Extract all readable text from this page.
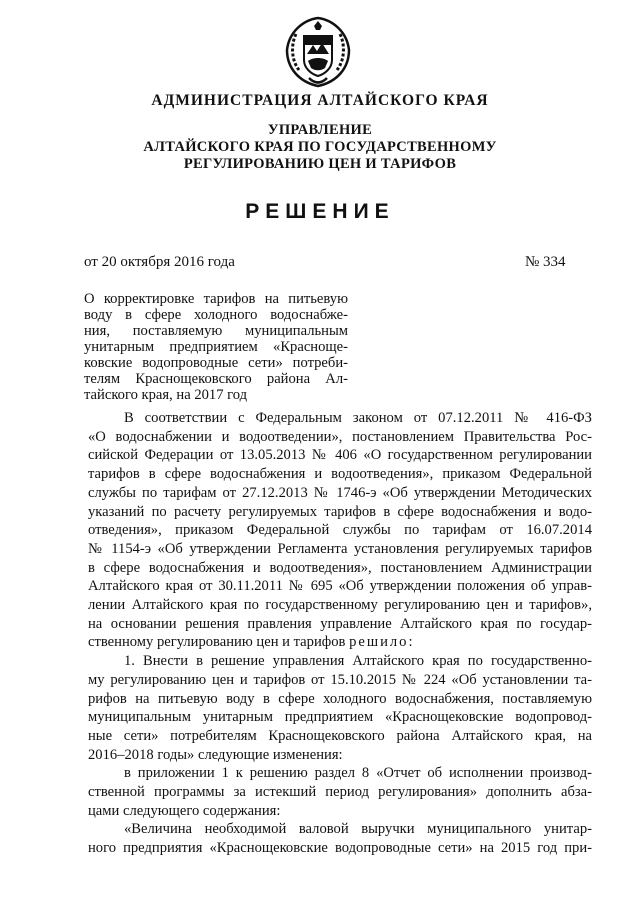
АДМИНИСТРАЦИЯ АЛТАЙСКОГО КРАЯ
УПРАВЛЕНИЕ
АЛТАЙСКОГО КРАЯ ПО ГОСУДАРСТВЕННОМУ
РЕГУЛИРОВАНИЮ ЦЕН И ТАРИФОВ
РЕШЕНИЕ
от 20 октября 2016 года	№ 334
О корректировке тарифов на питьевую
воду в сфере холодного водоснабже-
ния, поставляемую муниципальным
унитарным предприятием «Краснощe-
ковские водопроводные сети» потреби-
телям Краснощековского района Ал-
тайского края, на 2017 год

В соответствии с Федеральным законом от 07.12.2011 № 416-ФЗ

«О водоснабжении и водоотведении», постановлением Правительства Рос-

сийской Федерации от 13.05.2013 № 406 «О государственном регулировании

тарифов в сфере водоснабжения и водоотведения», приказом Федеральной

службы по тарифам от 27.12.2013 № 1746-э «Об утверждении Методических

указаний по расчету регулируемых тарифов в сфере водоснабжения и водо-

отведения», приказом Федеральной службы по тарифам от 16.07.2014

№ 1154-э «Об утверждении Регламента установления регулируемых тарифов

в сфере водоснабжения и водоотведения», постановлением Администрации

Алтайского края от 30.11.2011 № 695 «Об утверждении положения об управ-

лении Алтайского края по государственному регулированию цен и тарифов»,

на основании решения правления управление Алтайского края по государ-

ственному регулированию цен и тарифов решило:

1. Внести в решение управления Алтайского края по государственно-

му регулированию цен и тарифов от 15.10.2015 № 224 «Об установлении та-

рифов на питьевую воду в сфере холодного водоснабжения, поставляемую

муниципальным унитарным предприятием «Краснощековские водопровод-

ные сети» потребителям Краснощековского района Алтайского края, на

2016–2018 годы» следующие изменения:

в приложении 1 к решению раздел 8 «Отчет об исполнении производ-

ственной программы за истекший период регулирования» дополнить абза-

цами следующего содержания:

«Величина необходимой валовой выручки муниципального унитар-

ного предприятия «Краснощековские водопроводные сети» на 2015 год при-
